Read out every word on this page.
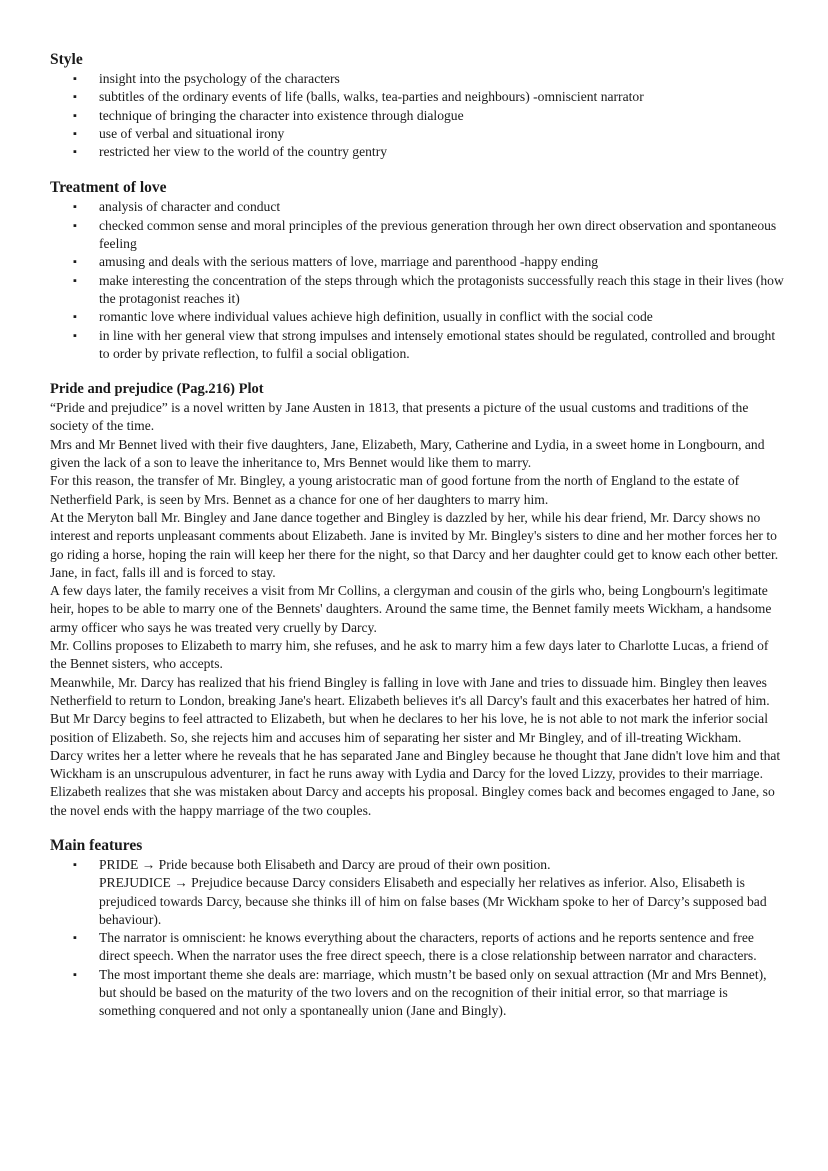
Style
▪ insight into the psychology of the characters
▪ subtitles of the ordinary events of life (balls, walks, tea-parties and neighbours) -omniscient narrator
▪ technique of bringing the character into existence through dialogue
▪ use of verbal and situational irony
▪ restricted her view to the world of the country gentry
Treatment of love
▪ analysis of character and conduct
▪ checked common sense and moral principles of the previous generation through her own direct observation and spontaneous feeling
▪ amusing and deals with the serious matters of love, marriage and parenthood -happy ending
▪ make interesting the concentration of the steps through which the protagonists successfully reach this stage in their lives (how the protagonist reaches it)
▪ romantic love where individual values achieve high definition, usually in conflict with the social code
▪ in line with her general view that strong impulses and intensely emotional states should be regulated, controlled and brought to order by private reflection, to fulfil a social obligation.
Pride and prejudice (Pag.216) Plot

“Pride and prejudice” is a novel written by Jane Austen in 1813, that presents a picture of the usual customs and traditions of the society of the time.

Mrs and Mr Bennet lived with their five daughters, Jane, Elizabeth, Mary, Catherine and Lydia, in a sweet home in Longbourn, and given the lack of a son to leave the inheritance to, Mrs Bennet would like them to marry.

For this reason, the transfer of Mr. Bingley, a young aristocratic man of good fortune from the north of England to the estate of Netherfield Park, is seen by Mrs. Bennet as a chance for one of her daughters to marry him.

At the Meryton ball Mr. Bingley and Jane dance together and Bingley is dazzled by her, while his dear friend, Mr. Darcy shows no interest and reports unpleasant comments about Elizabeth. Jane is invited by Mr. Bingley's sisters to dine and her mother forces her to go riding a horse, hoping the rain will keep her there for the night, so that Darcy and her daughter could get to know each other better.

Jane, in fact, falls ill and is forced to stay.

A few days later, the family receives a visit from Mr Collins, a clergyman and cousin of the girls who, being Longbourn's legitimate heir, hopes to be able to marry one of the Bennets' daughters. Around the same time, the Bennet family meets Wickham, a handsome army officer who says he was treated very cruelly by Darcy.

Mr. Collins proposes to Elizabeth to marry him, she refuses, and he ask to marry him a few days later to Charlotte Lucas, a friend of the Bennet sisters, who accepts.

Meanwhile, Mr. Darcy has realized that his friend Bingley is falling in love with Jane and tries to dissuade him. Bingley then leaves Netherfield to return to London, breaking Jane's heart. Elizabeth believes it's all Darcy's fault and this exacerbates her hatred of him.

But Mr Darcy begins to feel attracted to Elizabeth, but when he declares to her his love, he is not able to not mark the inferior social position of Elizabeth. So, she rejects him and accuses him of separating her sister and Mr Bingley, and of ill-treating Wickham.

Darcy writes her a letter where he reveals that he has separated Jane and Bingley because he thought that Jane didn't love him and that Wickham is an unscrupulous adventurer, in fact he runs away with Lydia and Darcy for the loved Lizzy, provides to their marriage. Elizabeth realizes that she was mistaken about Darcy and accepts his proposal. Bingley comes back and becomes engaged to Jane, so the novel ends with the happy marriage of the two couples.

Main features
▪ PRIDE → Pride because both Elisabeth and Darcy are proud of their own position.
PREJUDICE → Prejudice because Darcy considers Elisabeth and especially her relatives as inferior. Also, Elisabeth is prejudiced towards Darcy, because she thinks ill of him on false bases (Mr Wickham spoke to her of Darcy’s supposed bad behaviour).
▪ The narrator is omniscient: he knows everything about the characters, reports of actions and he reports sentence and free direct speech. When the narrator uses the free direct speech, there is a close relationship between narrator and characters.
▪ The most important theme she deals are: marriage, which mustn’t be based only on sexual attraction (Mr and Mrs Bennet), but should be based on the maturity of the two lovers and on the recognition of their initial error, so that marriage is something conquered and not only a spontaneally union (Jane and Bingly).
